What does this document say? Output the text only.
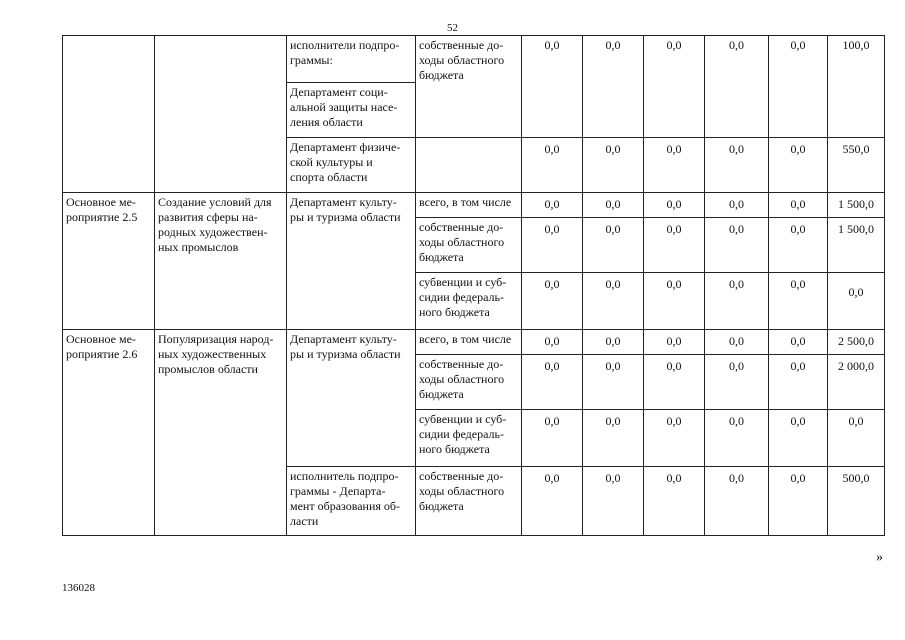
52
		исполнители подпро-
граммы:	собственные до-
ходы областного
бюджета	0,0	0,0	0,0	0,0	0,0	100,0
		Департамент соци-
альной защиты насе-
ления области							
		Департамент физиче-
ской культуры и
спорта области		0,0	0,0	0,0	0,0	0,0	550,0
Основное ме-
роприятие 2.5	Создание условий для
развития сферы на-
родных художествен-
ных промыслов	Департамент культу-
ры и туризма области	всего, в том числе	0,0	0,0	0,0	0,0	0,0	1 500,0
			собственные до-
ходы областного
бюджета	0,0	0,0	0,0	0,0	0,0	1 500,0
			субвенции и суб-
сидии федераль-
ного бюджета	0,0	0,0	0,0	0,0	0,0	0,0
Основное ме-
роприятие 2.6	Популяризация народ-
ных художественных
промыслов области	Департамент культу-
ры и туризма области	всего, в том числе	0,0	0,0	0,0	0,0	0,0	2 500,0
			собственные до-
ходы областного
бюджета	0,0	0,0	0,0	0,0	0,0	2 000,0
			субвенции и суб-
сидии федераль-
ного бюджета	0,0	0,0	0,0	0,0	0,0	0,0
		исполнитель подпро-
граммы - Департа-
мент образования об-
ласти	собственные до-
ходы областного
бюджета	0,0	0,0	0,0	0,0	0,0	500,0
»
136028
